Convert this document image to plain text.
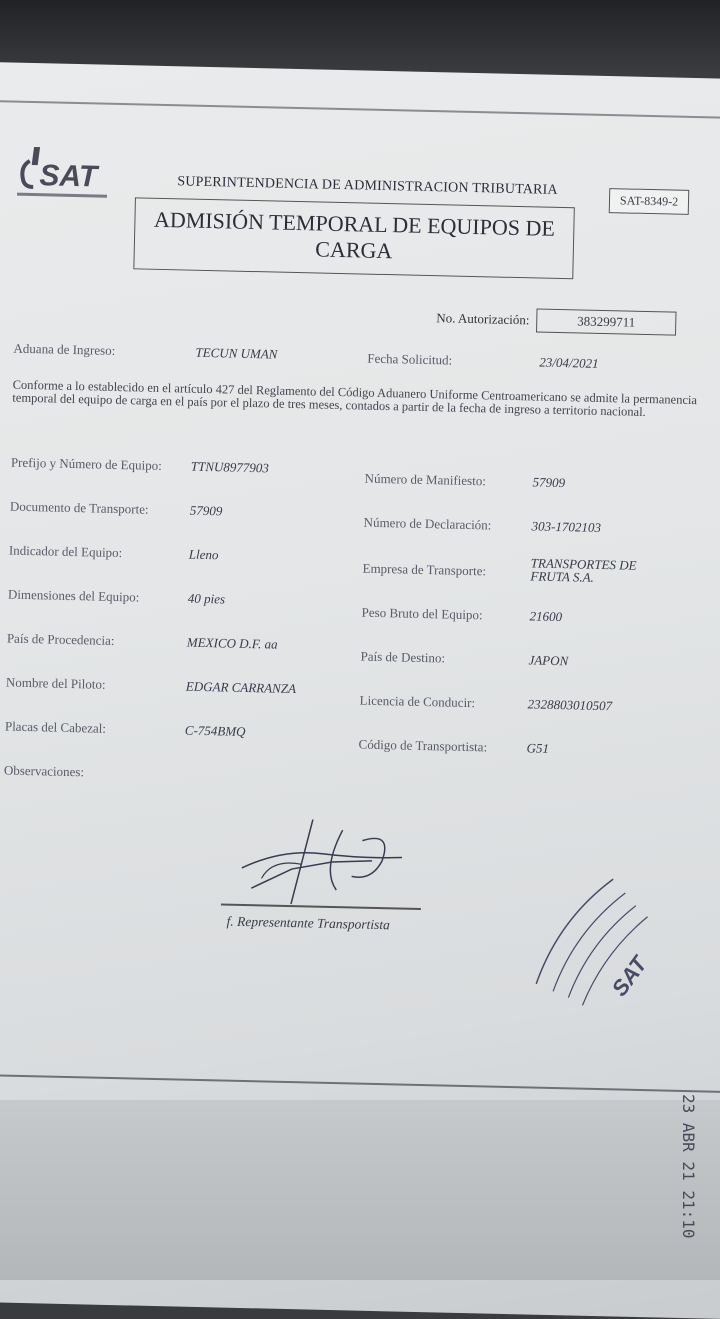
SAT	SUPERINTENDENCIA DE ADMINISTRACION TRIBUTARIA
SAT-8349-2
ADMISIÓN TEMPORAL DE EQUIPOS DE CARGA
No. Autorización:	383299711
Aduana de Ingreso:	TECUN UMAN	Fecha Solicitud:	23/04/2021
Conforme a lo establecido en el artículo 427 del Reglamento del Código Aduanero Uniforme Centroamericano se admite la permanencia temporal del equipo de carga en el país por el plazo de tres meses, contados a partir de la fecha de ingreso a territorio nacional.
Prefijo y Número de Equipo: TTNU8977903
Documento de Transporte:	57909
Indicador del Equipo:	Lleno
Dimensiones del Equipo:	40 pies
País de Procedencia:	MEXICO D.F. aa
Nombre del Piloto:	EDGAR CARRANZA
Placas del Cabezal:	C-754BMQ
Número de Manifiesto:	57909
Número de Declaración:	303-1702103
Empresa de Transporte:	TRANSPORTES DE FRUTA S.A.
Peso Bruto del Equipo:	21600
País de Destino:	JAPON
Licencia de Conducir:	2328803010507
Código de Transportista:	G51
Observaciones:
f. Representante Transportista
SAT
23 ABR 21 21:10
